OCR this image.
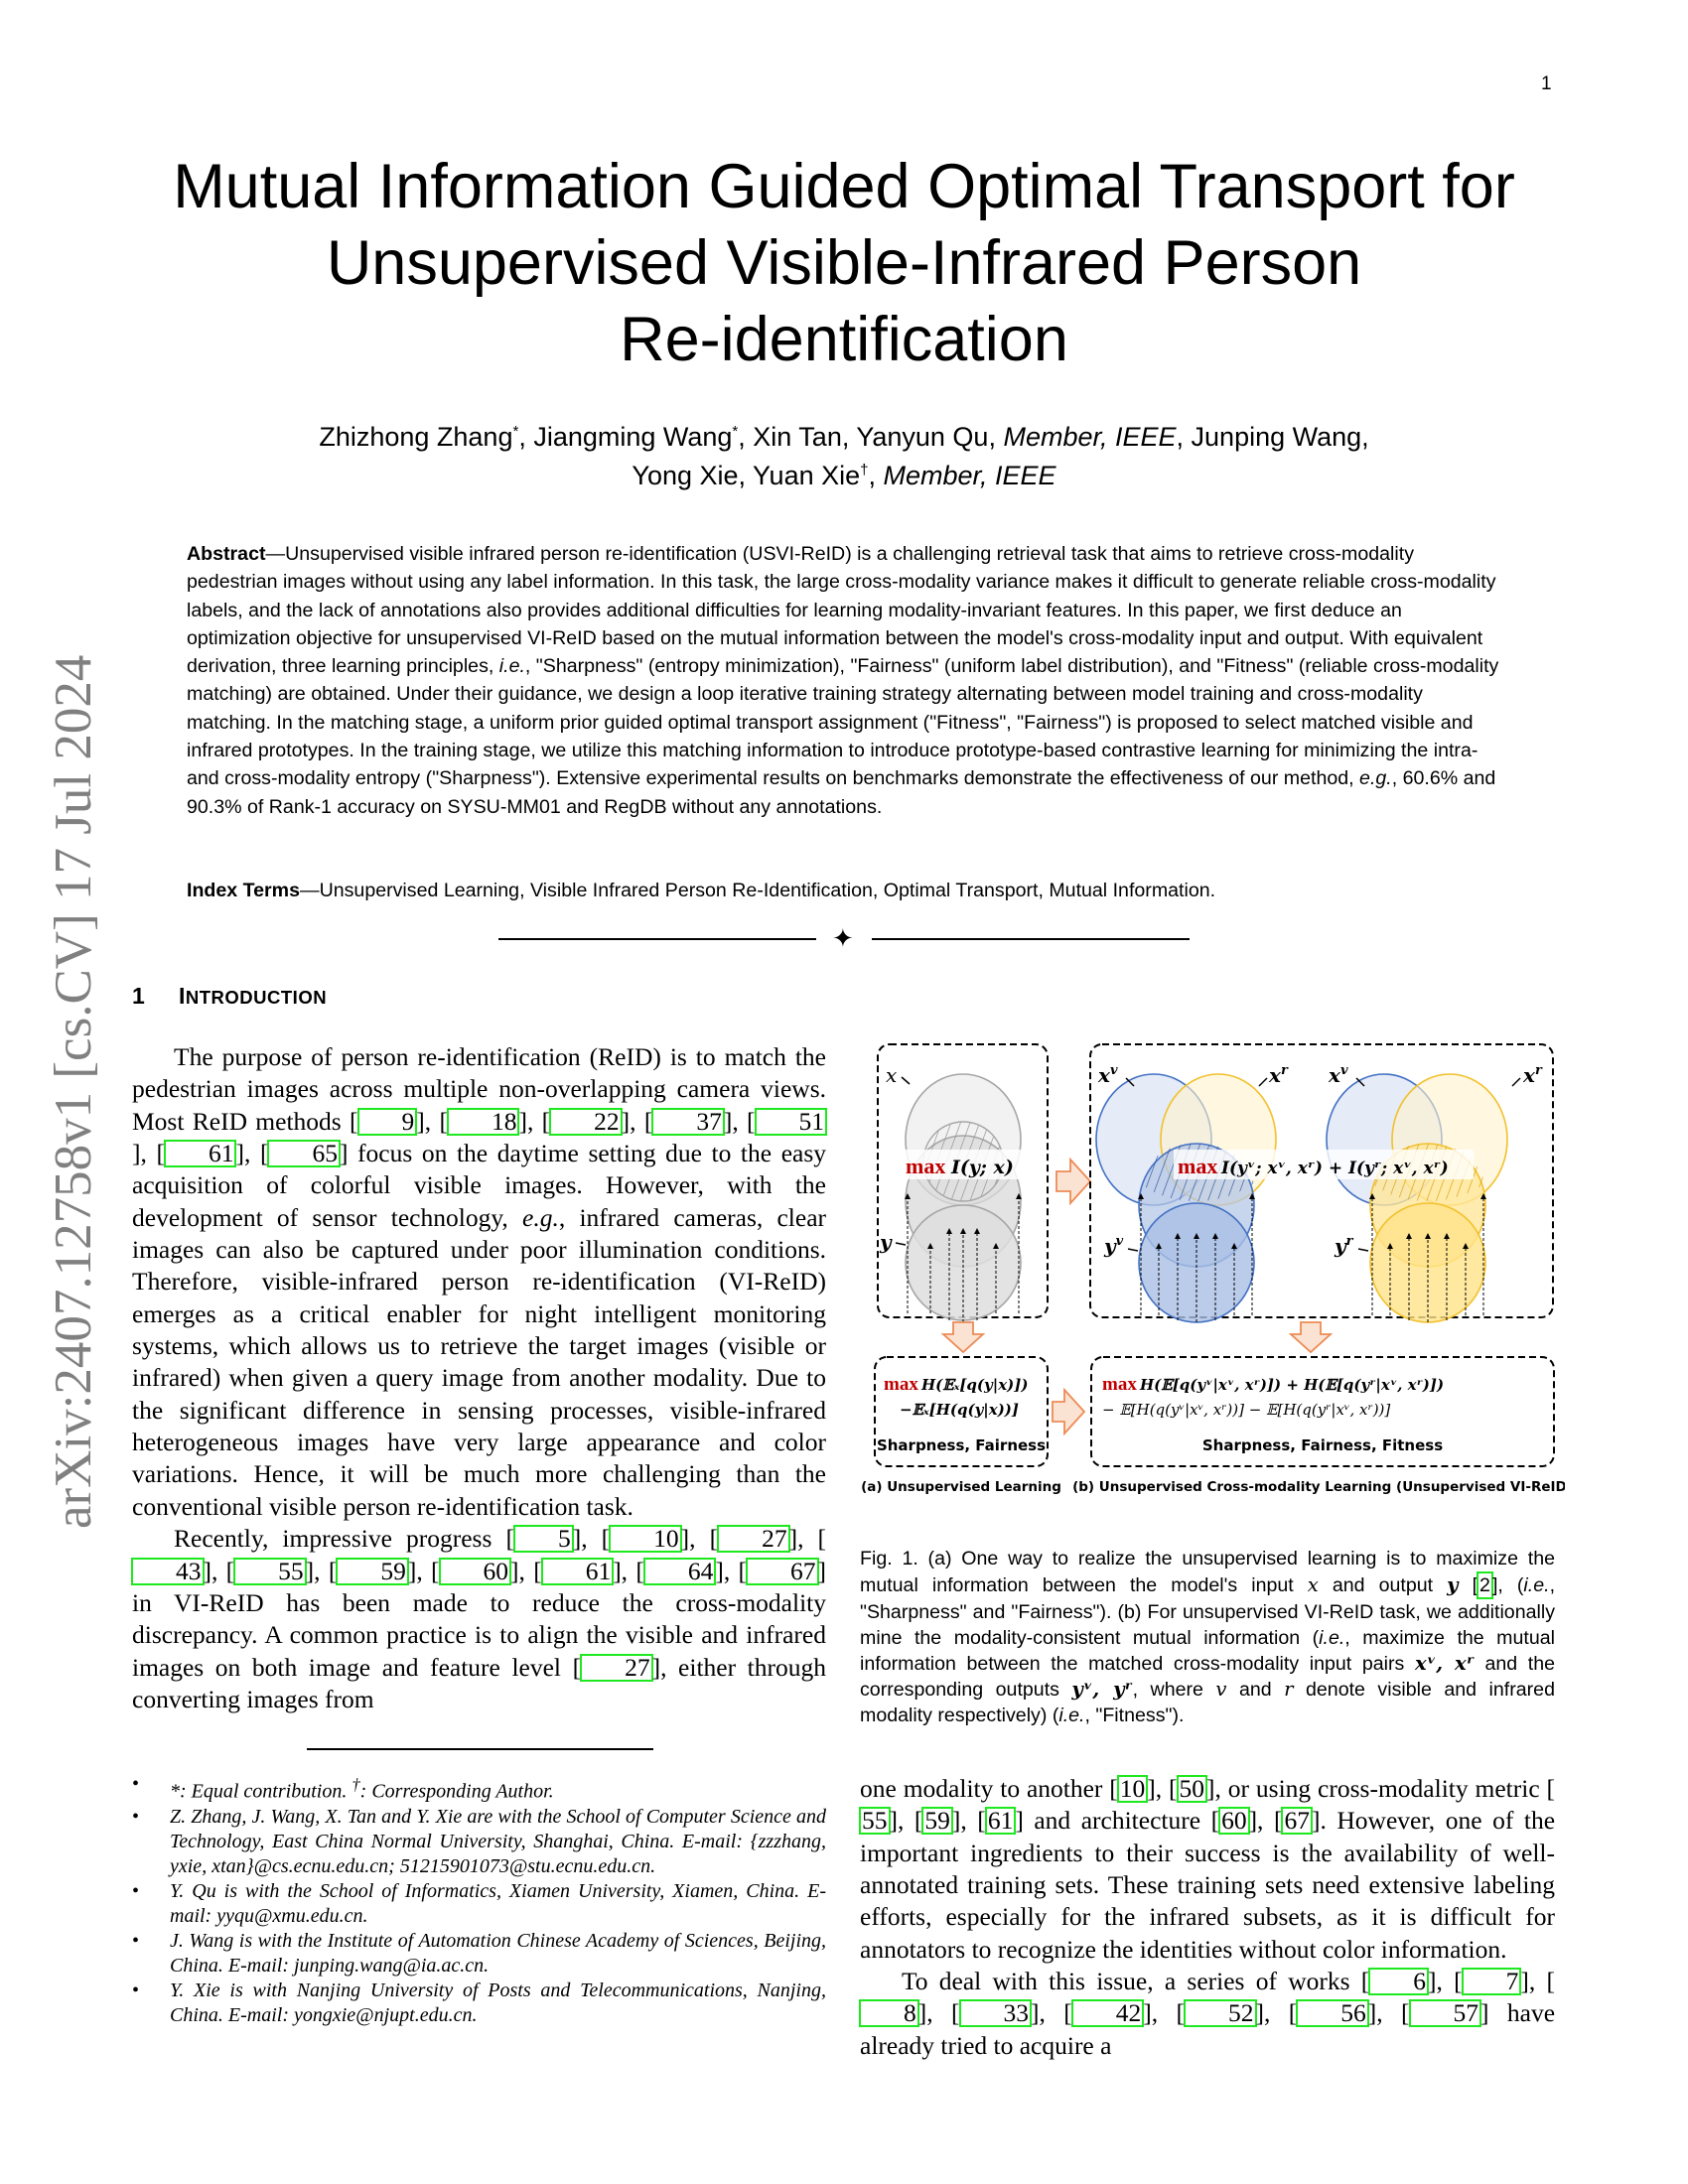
arXiv:2407.12758v1 [cs.CV] 17 Jul 2024
1
Mutual Information Guided Optimal Transport for
Unsupervised Visible-Infrared Person
Re-identification
Zhizhong Zhang*, Jiangming Wang*, Xin Tan, Yanyun Qu, Member, IEEE, Junping Wang,
Yong Xie, Yuan Xie†, Member, IEEE
Abstract—Unsupervised visible infrared person re-identification (USVI-ReID) is a challenging retrieval task that aims to retrieve cross-modality pedestrian images without using any label information. In this task, the large cross-modality variance makes it difficult to generate reliable cross-modality labels, and the lack of annotations also provides additional difficulties for learning modality-invariant features. In this paper, we first deduce an optimization objective for unsupervised VI-ReID based on the mutual information between the model's cross-modality input and output. With equivalent derivation, three learning principles, i.e., "Sharpness" (entropy minimization), "Fairness" (uniform label distribution), and "Fitness" (reliable cross-modality matching) are obtained. Under their guidance, we design a loop iterative training strategy alternating between model training and cross-modality matching. In the matching stage, a uniform prior guided optimal transport assignment ("Fitness", "Fairness") is proposed to select matched visible and infrared prototypes. In the training stage, we utilize this matching information to introduce prototype-based contrastive learning for minimizing the intra- and cross-modality entropy ("Sharpness"). Extensive experimental results on benchmarks demonstrate the effectiveness of our method, e.g., 60.6% and 90.3% of Rank-1 accuracy on SYSU-MM01 and RegDB without any annotations.
Index Terms—Unsupervised Learning, Visible Infrared Person Re-Identification, Optimal Transport, Mutual Information.
✦
1 INTRODUCTION

The purpose of person re-identification (ReID) is to match the pedestrian images across multiple non-overlapping camera views. Most ReID methods [ 9], [ 18], [ 22], [ 37], [ 51], [ 61], [ 65] focus on the daytime setting due to the easy acquisition of colorful visible images. However, with the development of sensor technology, e.g., infrared cameras, clear images can also be captured under poor illumination conditions. Therefore, visible-infrared person re-identification (VI-ReID) emerges as a critical enabler for night intelligent monitoring systems, which allows us to retrieve the target images (visible or infrared) when given a query image from another modality. Due to the significant difference in sensing processes, visible-infrared heterogeneous images have very large appearance and color variations. Hence, it will be much more challenging than the conventional visible person re-identification task.

Recently, impressive progress [ 5], [ 10], [ 27], [43], [ 55], [ 59], [ 60], [ 61], [ 64], [ 67] in VI-ReID has been made to reduce the cross-modality discrepancy. A common practice is to align the visible and infrared images on both image and feature level [ 27], either through converting images from

max I(y; x)
x
y
max I(yᵛ; xᵛ, xʳ) + I(yʳ; xᵛ, xʳ)
$x^v$	$x^r$ $x^v$	$x^r$
$y^v$	$y^r$
max H(𝔼ₓ[q(y|x)])
−𝔼ₓ[H(q(y|x))]
Sharpness, Fairness
max H(𝔼[q(yᵛ|xᵛ, xʳ)]) + H(𝔼[q(yʳ|xᵛ, xʳ)])
− 𝔼[H(q(yᵛ|xᵛ, xʳ))] − 𝔼[H(q(yʳ|xᵛ, xʳ))]
Sharpness, Fairness, Fitness
(a) Unsupervised Learning (b) Unsupervised Cross-modality Learning (Unsupervised VI-ReID)
Fig. 1. (a) One way to realize the unsupervised learning is to maximize the mutual information between the model's input x and output y [ 2 ], (i.e., "Sharpness" and "Fairness"). (b) For unsupervised VI-ReID task, we additionally mine the modality-consistent mutual information (i.e., maximize the mutual information between the matched cross-modality input pairs xᵛ, xʳ and the corresponding outputs yᵛ, yʳ, where v and r denote visible and infrared modality respectively) (i.e., "Fitness").
• *: Equal contribution. †: Corresponding Author.
• Z. Zhang, J. Wang, X. Tan and Y. Xie are with the School of Computer Science and Technology, East China Normal University, Shanghai, China. E-mail: {zzzhang, yxie, xtan}@cs.ecnu.edu.cn; 51215901073@stu.ecnu.edu.cn.
• Y. Qu is with the School of Informatics, Xiamen University, Xiamen, China. E-mail: yyqu@xmu.edu.cn.
• J. Wang is with the Institute of Automation Chinese Academy of Sciences, Beijing, China. E-mail: junping.wang@ia.ac.cn.
• Y. Xie is with Nanjing University of Posts and Telecommunications, Nanjing, China. E-mail: yongxie@njupt.edu.cn.

one modality to another [10], [50], or using cross-modality metric [55], [59], [61] and architecture [60], [67]. However, one of the important ingredients to their success is the availability of well-annotated training sets. These training sets need extensive labeling efforts, especially for the infrared subsets, as it is difficult for annotators to recognize the identities without color information.

To deal with this issue, a series of works [ 6], [ 7], [8], [ 33], [ 42], [ 52], [ 56], [ 57] have already tried to acquire a
